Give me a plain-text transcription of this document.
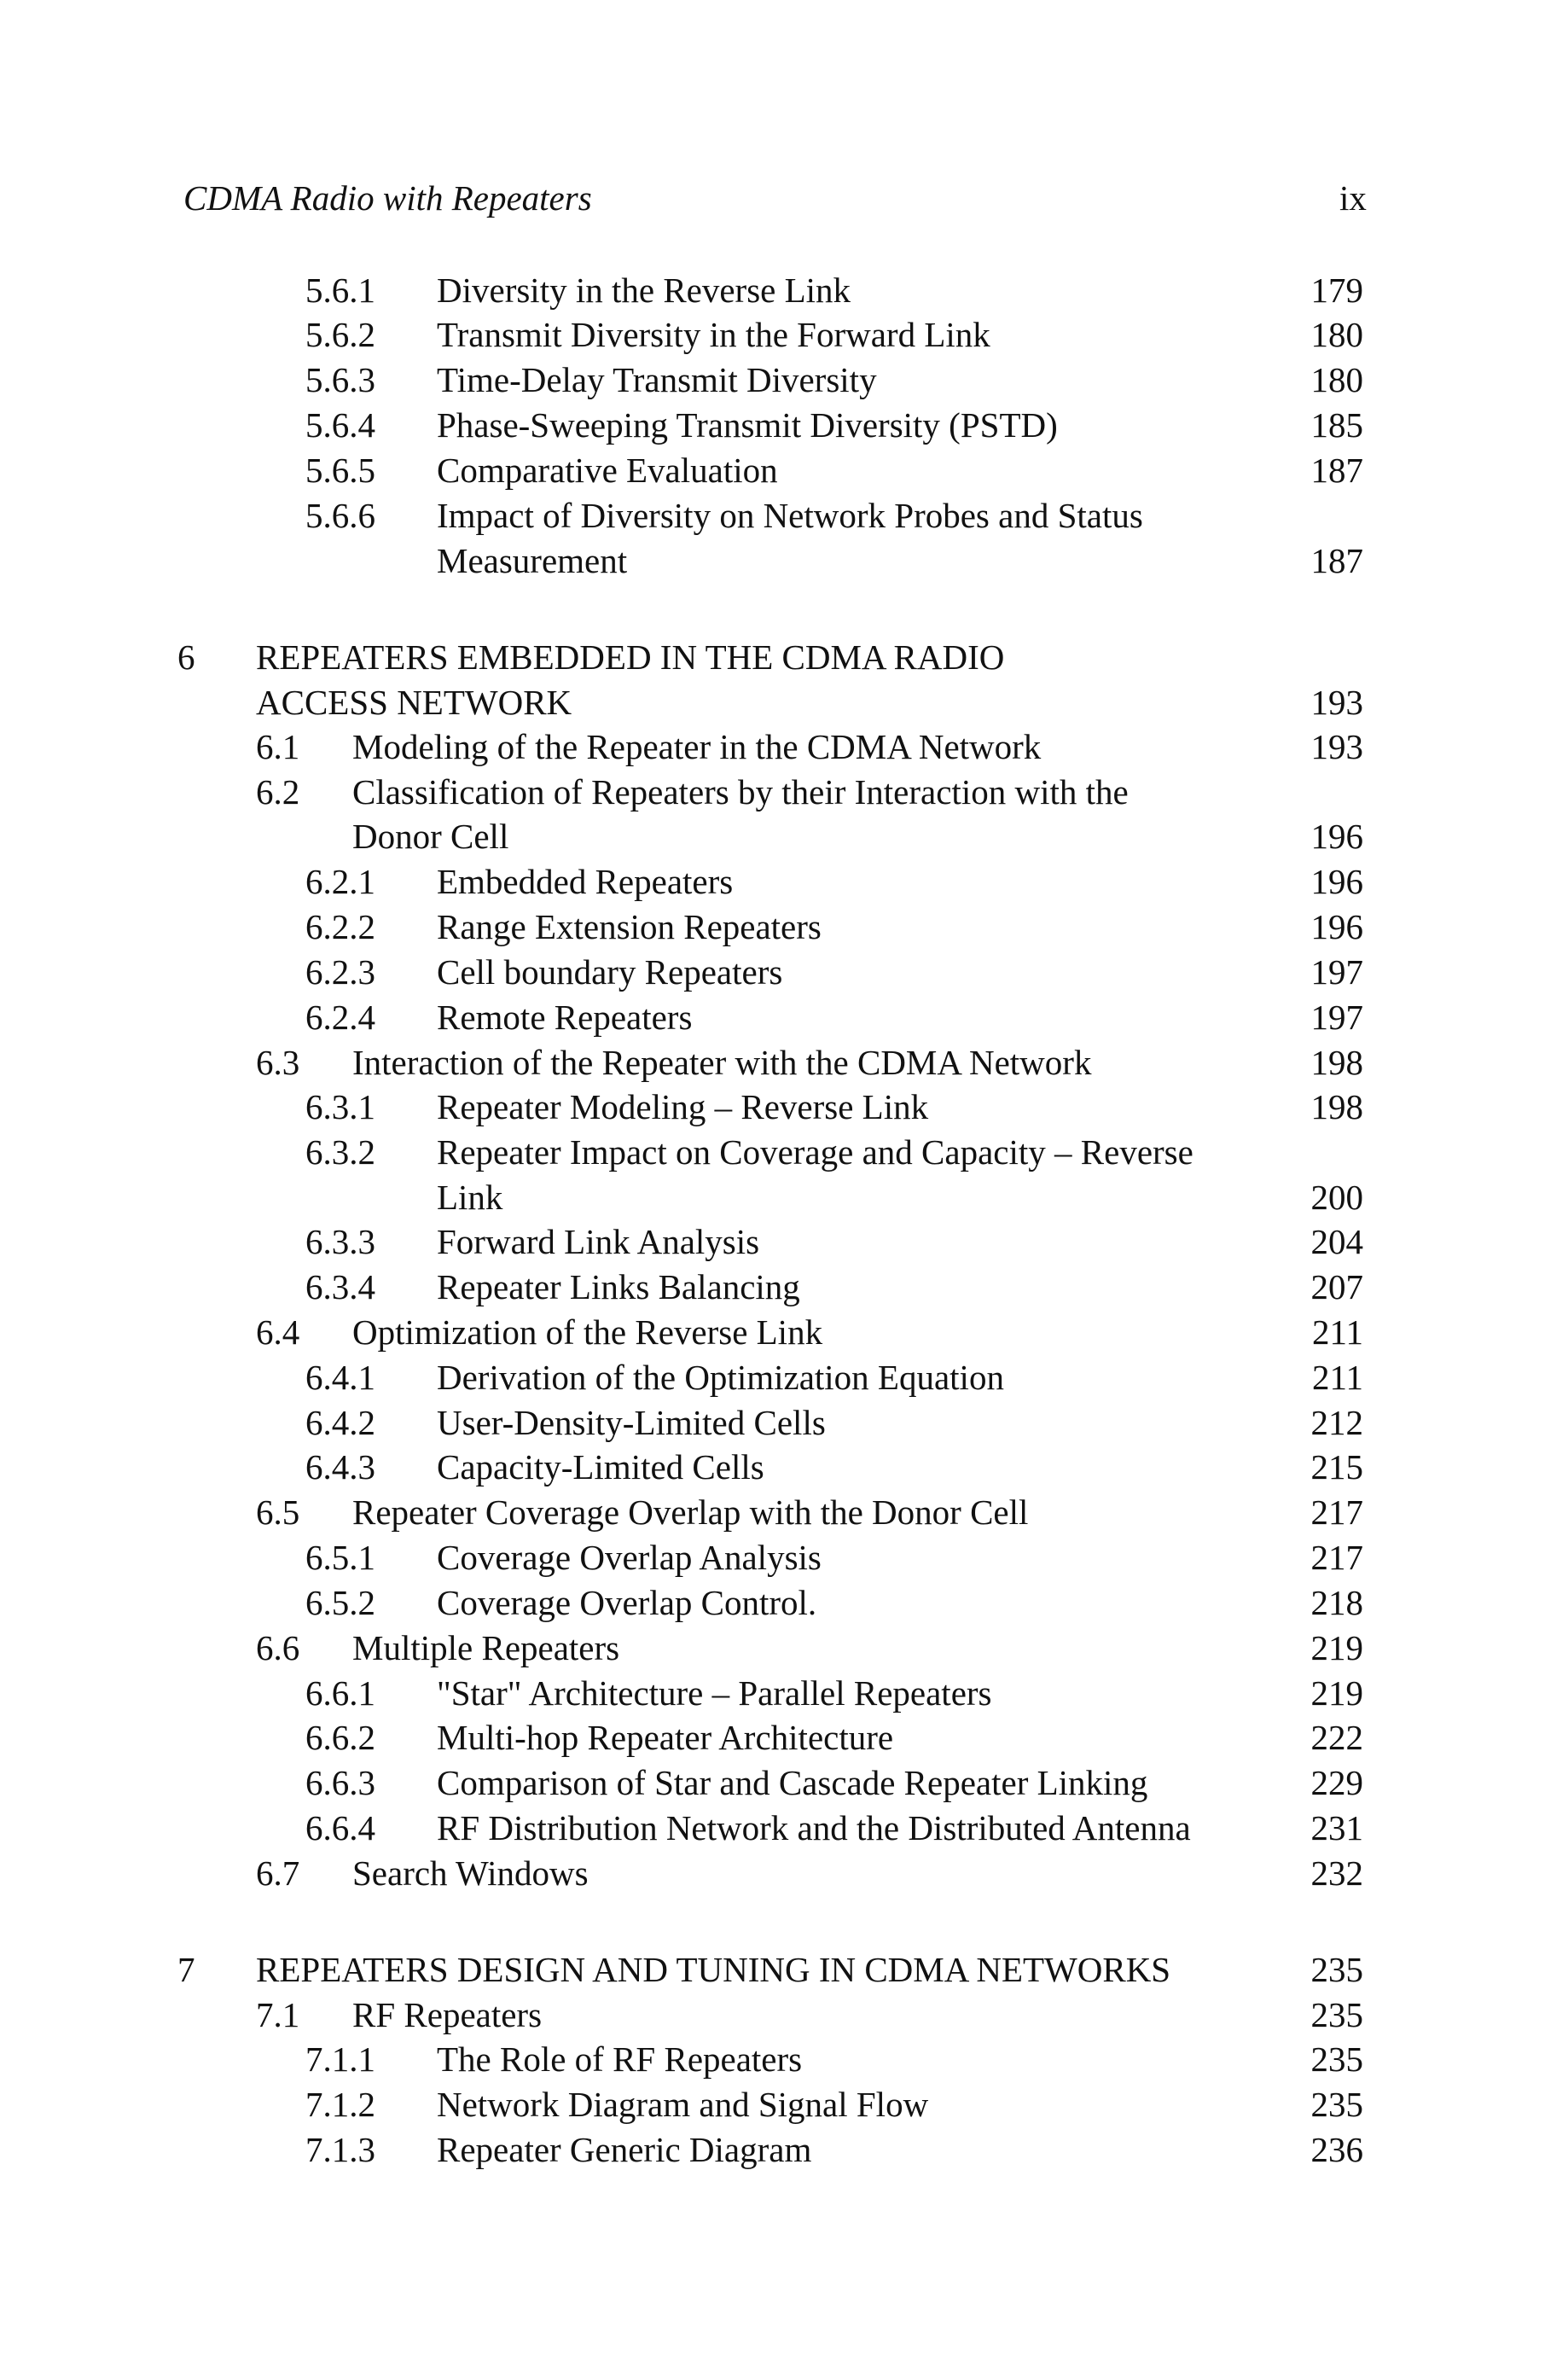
CDMA Radio with Repeaters	ix
5.6.1 Diversity in the Reverse Link	179
5.6.2 Transmit Diversity in the Forward Link	180
5.6.3 Time-Delay Transmit Diversity	180
5.6.4 Phase-Sweeping Transmit Diversity (PSTD)	185
5.6.5 Comparative Evaluation	187
5.6.6 Impact of Diversity on Network Probes and Status
Measurement	187
6 REPEATERS EMBEDDED IN THE CDMA RADIO
ACCESS NETWORK	193
6.1 Modeling of the Repeater in the CDMA Network	193
6.2 Classification of Repeaters by their Interaction with the
Donor Cell	196
6.2.1 Embedded Repeaters	196
6.2.2 Range Extension Repeaters	196
6.2.3 Cell boundary Repeaters	197
6.2.4 Remote Repeaters	197
6.3 Interaction of the Repeater with the CDMA Network	198
6.3.1 Repeater Modeling – Reverse Link	198
6.3.2 Repeater Impact on Coverage and Capacity – Reverse
Link	200
6.3.3 Forward Link Analysis	204
6.3.4 Repeater Links Balancing	207
6.4 Optimization of the Reverse Link	211
6.4.1 Derivation of the Optimization Equation	211
6.4.2 User-Density-Limited Cells	212
6.4.3 Capacity-Limited Cells	215
6.5 Repeater Coverage Overlap with the Donor Cell	217
6.5.1 Coverage Overlap Analysis	217
6.5.2 Coverage Overlap Control.	218
6.6 Multiple Repeaters	219
6.6.1 "Star" Architecture – Parallel Repeaters	219
6.6.2 Multi-hop Repeater Architecture	222
6.6.3 Comparison of Star and Cascade Repeater Linking	229
6.6.4 RF Distribution Network and the Distributed Antenna	231
6.7 Search Windows	232
7 REPEATERS DESIGN AND TUNING IN CDMA NETWORKS	235
7.1 RF Repeaters	235
7.1.1 The Role of RF Repeaters	235
7.1.2 Network Diagram and Signal Flow	235
7.1.3 Repeater Generic Diagram	236
